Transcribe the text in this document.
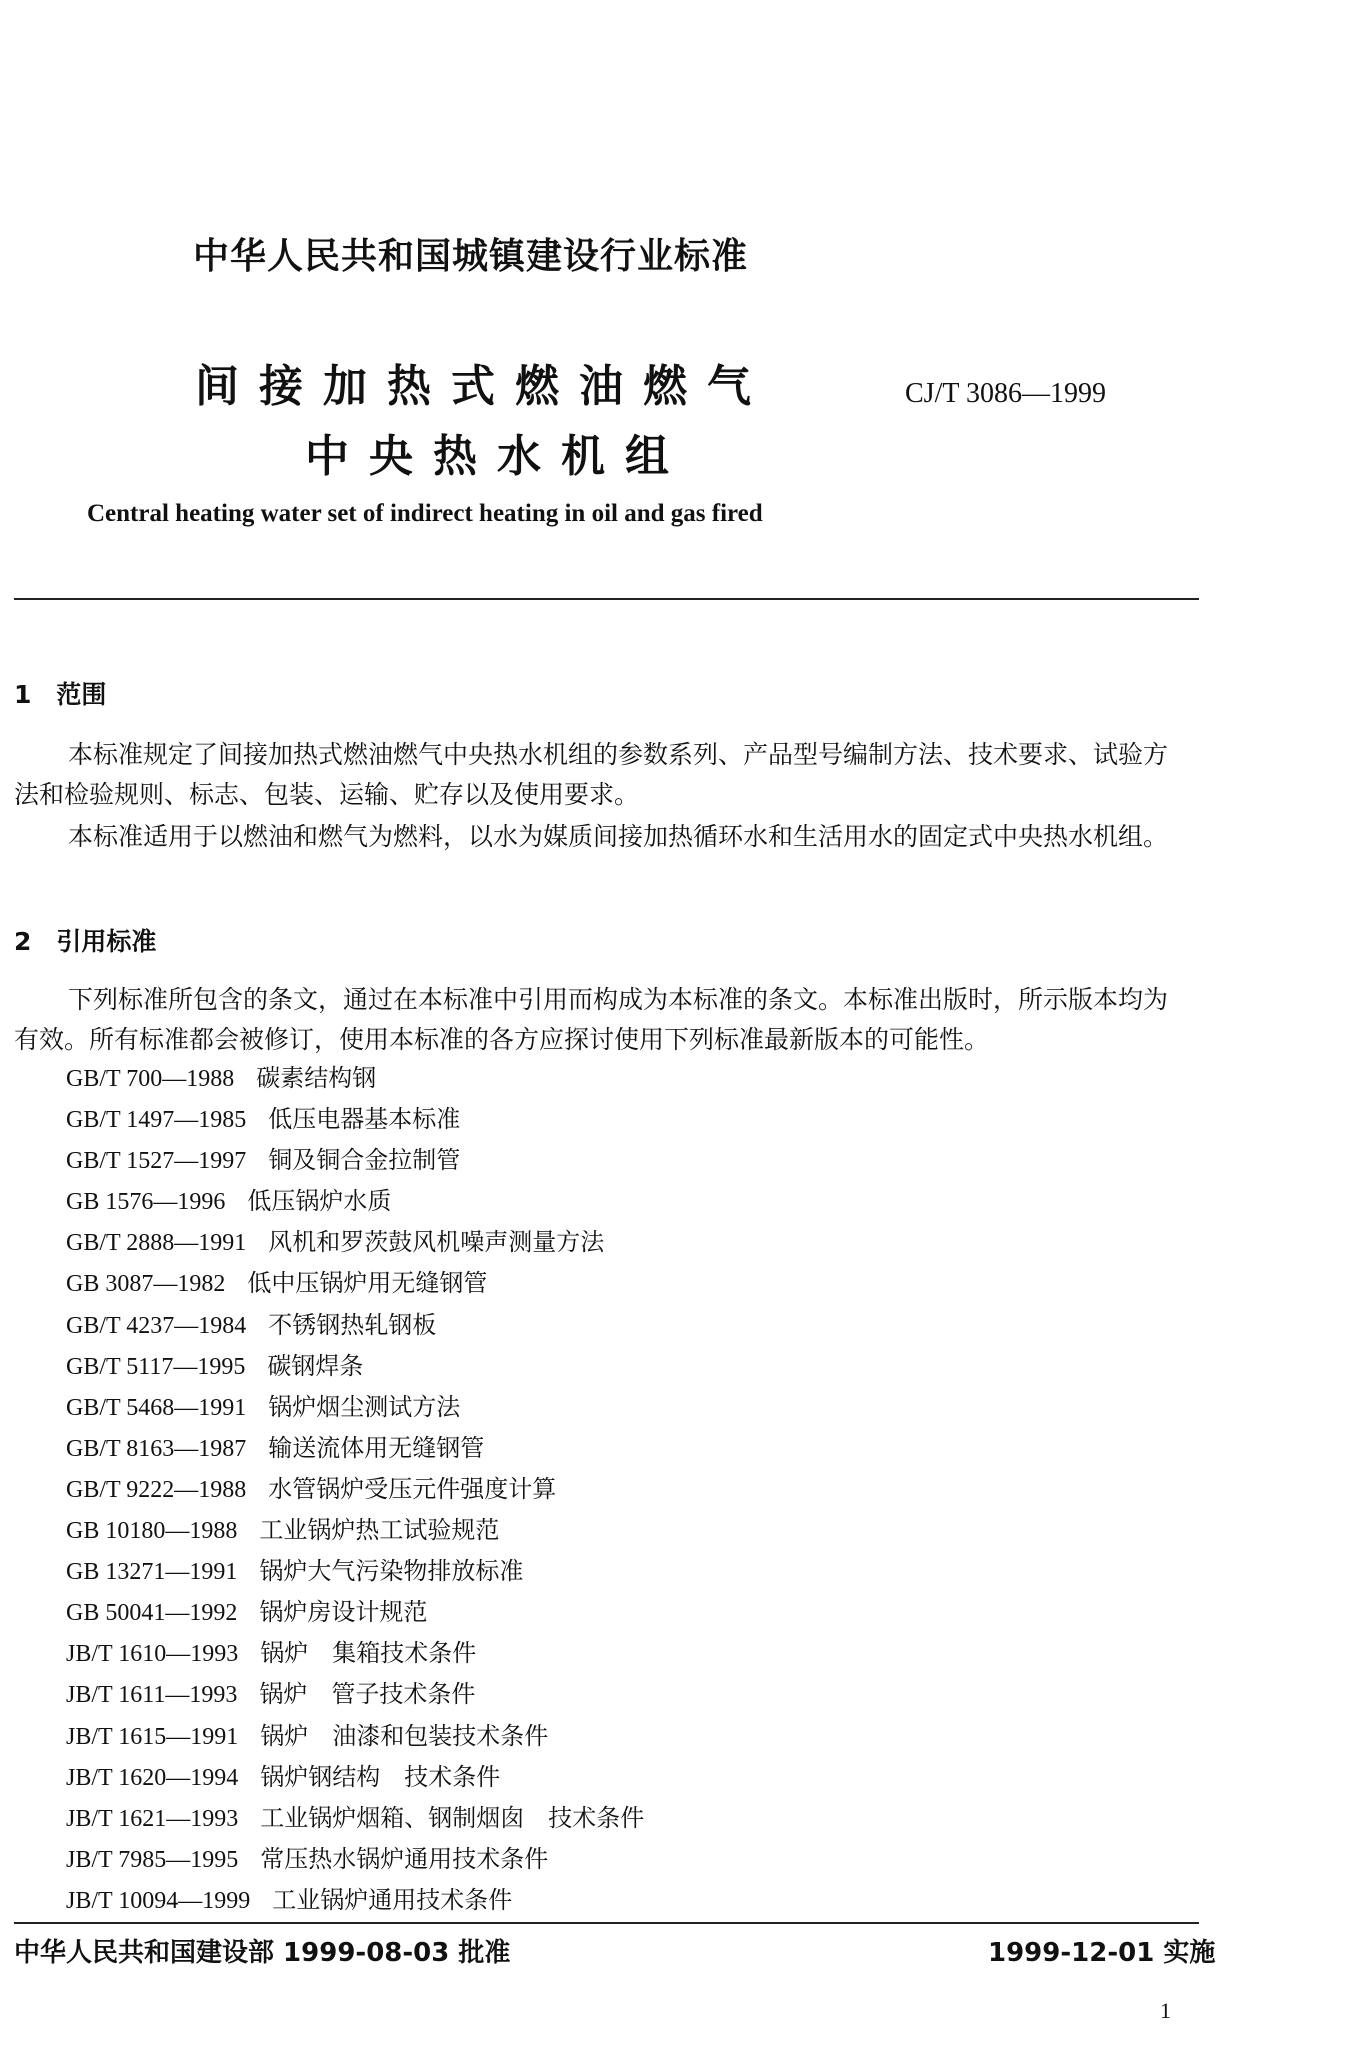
中华人民共和国城镇建设行业标准
间接加热式燃油燃气
中央热水机组
CJ/T 3086—1999
Central heating water set of indirect heating in oil and gas fired
1　范围
本标准规定了间接加热式燃油燃气中央热水机组的参数系列、产品型号编制方法、技术要求、试验方法和检验规则、标志、包装、运输、贮存以及使用要求。
本标准适用于以燃油和燃气为燃料，以水为媒质间接加热循环水和生活用水的固定式中央热水机组。
2　引用标准
下列标准所包含的条文，通过在本标准中引用而构成为本标准的条文。本标准出版时，所示版本均为有效。所有标准都会被修订，使用本标准的各方应探讨使用下列标准最新版本的可能性。
GB/T 700—1988 碳素结构钢
GB/T 1497—1985 低压电器基本标准
GB/T 1527—1997 铜及铜合金拉制管
GB 1576—1996 低压锅炉水质
GB/T 2888—1991 风机和罗茨鼓风机噪声测量方法
GB 3087—1982 低中压锅炉用无缝钢管
GB/T 4237—1984 不锈钢热轧钢板
GB/T 5117—1995 碳钢焊条
GB/T 5468—1991 锅炉烟尘测试方法
GB/T 8163—1987 输送流体用无缝钢管
GB/T 9222—1988 水管锅炉受压元件强度计算
GB 10180—1988 工业锅炉热工试验规范
GB 13271—1991 锅炉大气污染物排放标准
GB 50041—1992 锅炉房设计规范
JB/T 1610—1993 锅炉　集箱技术条件
JB/T 1611—1993 锅炉　管子技术条件
JB/T 1615—1991 锅炉　油漆和包装技术条件
JB/T 1620—1994 锅炉钢结构　技术条件
JB/T 1621—1993 工业锅炉烟箱、钢制烟囱　技术条件
JB/T 7985—1995 常压热水锅炉通用技术条件
JB/T 10094—1999 工业锅炉通用技术条件
中华人民共和国建设部 1999-08-03 批准	1999-12-01 实施
1
